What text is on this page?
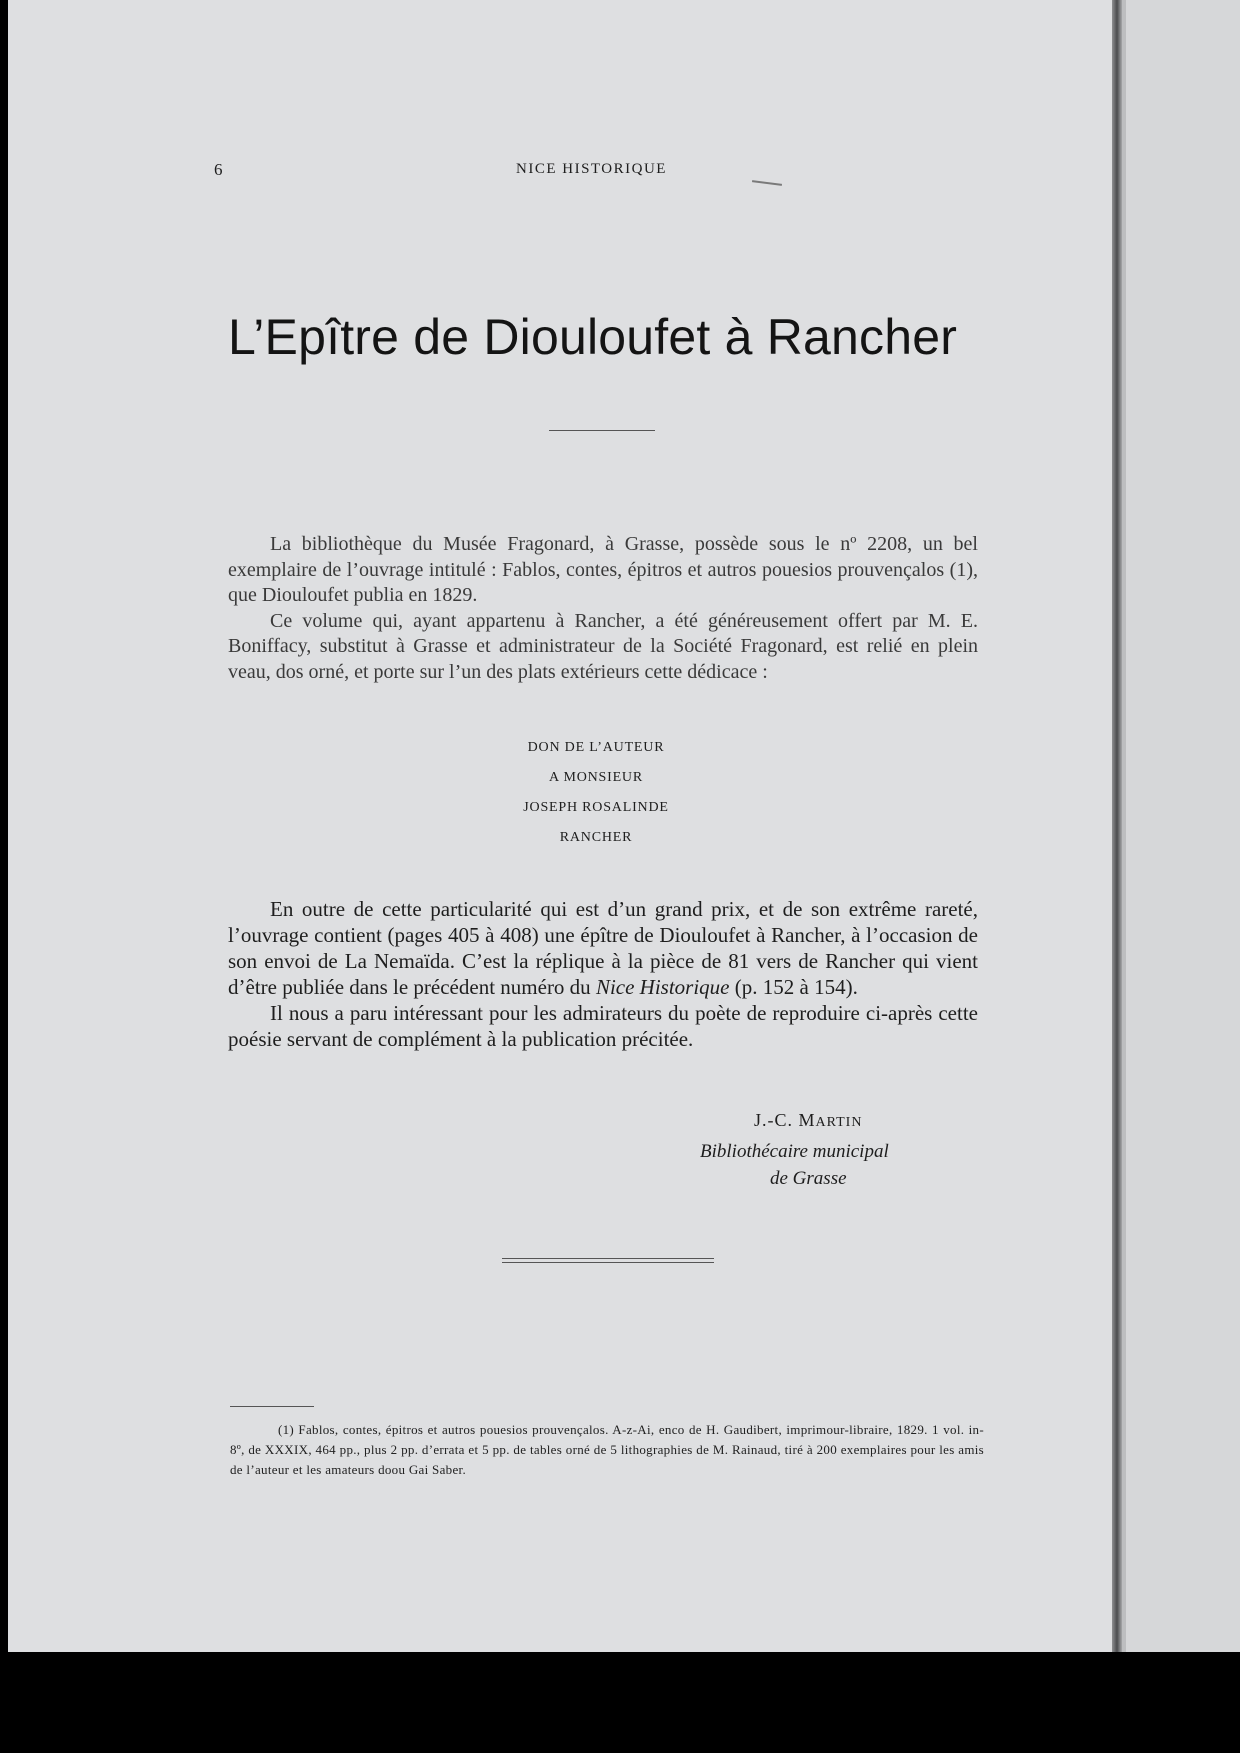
6	NICE HISTORIQUE
L’Epître de Diouloufet à Rancher

La bibliothèque du Musée Fragonard, à Grasse, possède sous le nº 2208, un bel exemplaire de l’ouvrage intitulé : Fablos, contes, épitros et autros pouesios prouvençalos (1), que Diouloufet publia en 1829.

Ce volume qui, ayant appartenu à Rancher, a été généreusement offert par M. E. Boniffacy, substitut à Grasse et administrateur de la Société Fragonard, est relié en plein veau, dos orné, et porte sur l’un des plats extérieurs cette dédicace :

DON DE L’AUTEUR
A MONSIEUR
JOSEPH ROSALINDE
RANCHER

En outre de cette particularité qui est d’un grand prix, et de son extrême rareté, l’ouvrage contient (pages 405 à 408) une épître de Diouloufet à Rancher, à l’occasion de son envoi de La Nemaïda. C’est la réplique à la pièce de 81 vers de Rancher qui vient d’être publiée dans le précédent numéro du Nice Historique (p. 152 à 154).

Il nous a paru intéressant pour les admirateurs du poète de reproduire ci-après cette poésie servant de complément à la publication précitée.

J.-C. MARTIN
Bibliothécaire municipal
de Grasse

(1) Fablos, contes, épitros et autros pouesios prouvençalos. A-z-Ai, enco de H. Gaudibert, imprimour-libraire, 1829. 1 vol. in-8º, de XXXIX, 464 pp., plus 2 pp. d’errata et 5 pp. de tables orné de 5 lithographies de M. Rainaud, tiré à 200 exemplaires pour les amis de l’auteur et les amateurs doou Gai Saber.
